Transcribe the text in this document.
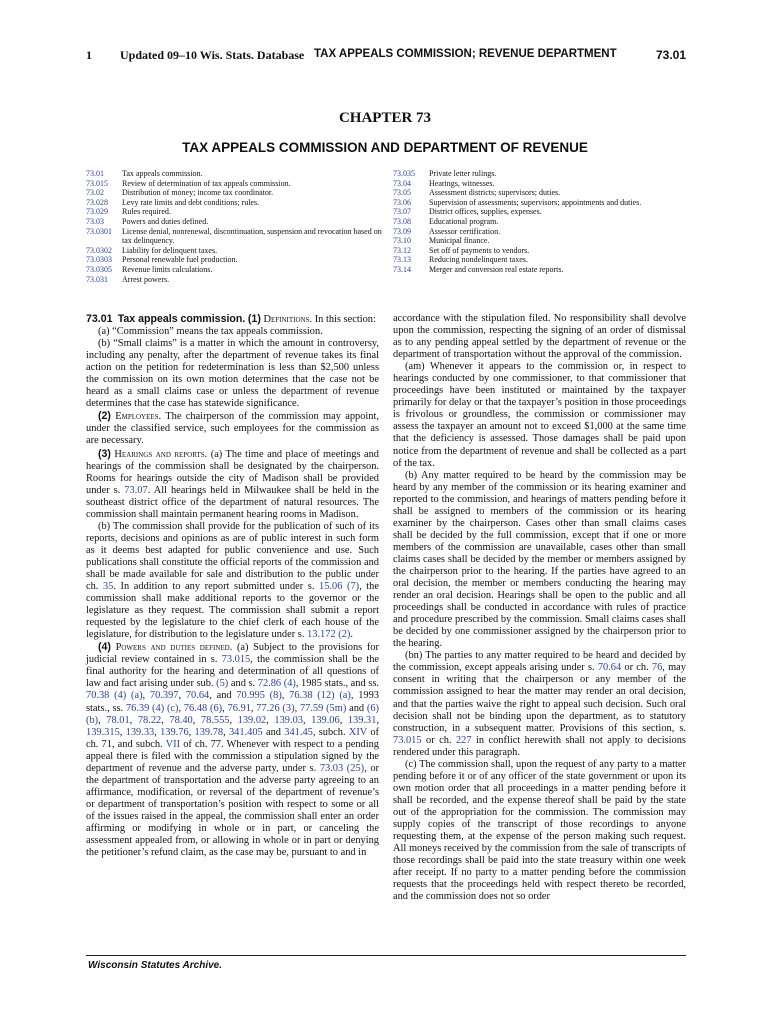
1 Updated 09–10 Wis. Stats. Database TAX APPEALS COMMISSION; REVENUE DEPARTMENT	73.01
CHAPTER 73
TAX APPEALS COMMISSION AND DEPARTMENT OF REVENUE
73.01	Tax appeals commission.
73.015	Review of determination of tax appeals commission.
73.02	Distribution of money; income tax coordinator.
73.028	Levy rate limits and debt conditions; rules.
73.029	Rules required.
73.03	Powers and duties defined.
73.0301	License denial, nonrenewal, discontinuation, suspension and revocation based on tax delinquency.
73.0302	Liability for delinquent taxes.
73.0303	Personal renewable fuel production.
73.0305	Revenue limits calculations.
73.031	Arrest powers.
73.035	Private letter rulings.
73.04	Hearings, witnesses.
73.05	Assessment districts; supervisors; duties.
73.06	Supervision of assessments; supervisors; appointments and duties.
73.07	District offices, supplies, expenses.
73.08	Educational program.
73.09	Assessor certification.
73.10	Municipal finance.
73.12	Set off of payments to vendors.
73.13	Reducing nondelinquent taxes.
73.14	Merger and conversion real estate reports.

73.01 Tax appeals commission. (1) Definitions. In this section:

(a) “Commission” means the tax appeals commission.

(b) “Small claims” is a matter in which the amount in controversy, including any penalty, after the department of revenue takes its final action on the petition for redetermination is less than $2,500 unless the commission on its own motion determines that the case not be heard as a small claims case or unless the department of revenue determines that the case has statewide significance.

(2) Employees. The chairperson of the commission may appoint, under the classified service, such employees for the commission as are necessary.

(3) Hearings and reports. (a) The time and place of meetings and hearings of the commission shall be designated by the chairperson. Rooms for hearings outside the city of Madison shall be provided under s. 73.07. All hearings held in Milwaukee shall be held in the southeast district office of the department of natural resources. The commission shall maintain permanent hearing rooms in Madison.

(b) The commission shall provide for the publication of such of its reports, decisions and opinions as are of public interest in such form as it deems best adapted for public convenience and use. Such publications shall constitute the official reports of the commission and shall be made available for sale and distribution to the public under ch. 35. In addition to any report submitted under s. 15.06 (7), the commission shall make additional reports to the governor or the legislature as they request. The commission shall submit a report requested by the legislature to the chief clerk of each house of the legislature, for distribution to the legislature under s. 13.172 (2).

(4) Powers and duties defined. (a) Subject to the provisions for judicial review contained in s. 73.015, the commission shall be the final authority for the hearing and determination of all questions of law and fact arising under sub. (5) and s. 72.86 (4), 1985 stats., and ss. 70.38 (4) (a), 70.397, 70.64, and 70.995 (8), 76.38 (12) (a), 1993 stats., ss. 76.39 (4) (c), 76.48 (6), 76.91, 77.26 (3), 77.59 (5m) and (6) (b), 78.01, 78.22, 78.40, 78.555, 139.02, 139.03, 139.06, 139.31, 139.315, 139.33, 139.76, 139.78, 341.405 and 341.45, subch. XIV of ch. 71, and subch. VII of ch. 77. Whenever with respect to a pending appeal there is filed with the commission a stipulation signed by the department of revenue and the adverse party, under s. 73.03 (25), or the department of transportation and the adverse party agreeing to an affirmance, modification, or reversal of the department of revenue’s or department of transportation’s position with respect to some or all of the issues raised in the appeal, the commission shall enter an order affirming or modifying in whole or in part, or canceling the assessment appealed from, or allowing in whole or in part or denying the petitioner’s refund claim, as the case may be, pursuant to and in

accordance with the stipulation filed. No responsibility shall devolve upon the commission, respecting the signing of an order of dismissal as to any pending appeal settled by the department of revenue or the department of transportation without the approval of the commission.

(am) Whenever it appears to the commission or, in respect to hearings conducted by one commissioner, to that commissioner that proceedings have been instituted or maintained by the taxpayer primarily for delay or that the taxpayer’s position in those proceedings is frivolous or groundless, the commission or commissioner may assess the taxpayer an amount not to exceed $1,000 at the same time that the deficiency is assessed. Those damages shall be paid upon notice from the department of revenue and shall be collected as a part of the tax.

(b) Any matter required to be heard by the commission may be heard by any member of the commission or its hearing examiner and reported to the commission, and hearings of matters pending before it shall be assigned to members of the commission or its hearing examiner by the chairperson. Cases other than small claims cases shall be decided by the full commission, except that if one or more members of the commission are unavailable, cases other than small claims cases shall be decided by the member or members assigned by the chairperson prior to the hearing. If the parties have agreed to an oral decision, the member or members conducting the hearing may render an oral decision. Hearings shall be open to the public and all proceedings shall be conducted in accordance with rules of practice and procedure prescribed by the commission. Small claims cases shall be decided by one commissioner assigned by the chairperson prior to the hearing.

(bn) The parties to any matter required to be heard and decided by the commission, except appeals arising under s. 70.64 or ch. 76, may consent in writing that the chairperson or any member of the commission assigned to hear the matter may render an oral decision, and that the parties waive the right to appeal such decision. Such oral decision shall not be binding upon the department, as to statutory construction, in a subsequent matter. Provisions of this section, s. 73.015 or ch. 227 in conflict herewith shall not apply to decisions rendered under this paragraph.

(c) The commission shall, upon the request of any party to a matter pending before it or of any officer of the state government or upon its own motion order that all proceedings in a matter pending before it shall be recorded, and the expense thereof shall be paid by the state out of the appropriation for the commission. The commission may supply copies of the transcript of those recordings to anyone requesting them, at the expense of the person making such request. All moneys received by the commission from the sale of transcripts of those recordings shall be paid into the state treasury within one week after receipt. If no party to a matter pending before the commission requests that the proceedings held with respect thereto be recorded, and the commission does not so order

Wisconsin Statutes Archive.
